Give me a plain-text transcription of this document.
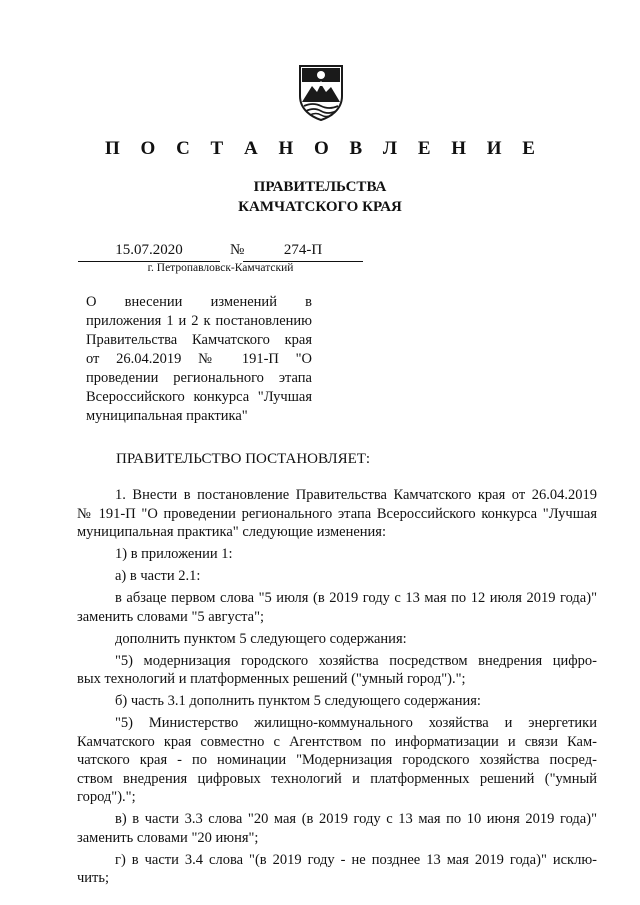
П О С Т А Н О В Л Е Н И Е
ПРАВИТЕЛЬСТВА
КАМЧАТСКОГО КРАЯ
15.07.2020	№	274-П
г. Петропавловск-Камчатский
О внесении изменений в
приложения 1 и 2 к постановлению
Правительства Камчатского края
от 26.04.2019 № 191-П "О
проведении регионального этапа
Всероссийского конкурса "Лучшая
муниципальная практика"
ПРАВИТЕЛЬСТВО ПОСТАНОВЛЯЕТ:
1. Внести в постановление Правительства Камчатского края от 26.04.2019
№ 191-П "О проведении регионального этапа Всероссийского конкурса "Лучшая
муниципальная практика" следующие изменения:
1) в приложении 1:
а) в части 2.1:
в абзаце первом слова "5 июля (в 2019 году с 13 мая по 12 июля 2019 года)"
заменить словами "5 августа";
дополнить пунктом 5 следующего содержания:
"5) модернизация городского хозяйства посредством внедрения цифро-
вых технологий и платформенных решений ("умный город").";
б) часть 3.1 дополнить пунктом 5 следующего содержания:
"5) Министерство жилищно-коммунального хозяйства и энергетики
Камчатского края совместно с Агентством по информатизации и связи Кам-
чатского края - по номинации "Модернизация городского хозяйства посред-
ством внедрения цифровых технологий и платформенных решений ("умный
город").";
в) в части 3.3 слова "20 мая (в 2019 году с 13 мая по 10 июня 2019 года)"
заменить словами "20 июня";
г) в части 3.4 слова "(в 2019 году - не позднее 13 мая 2019 года)" исклю-
чить;
